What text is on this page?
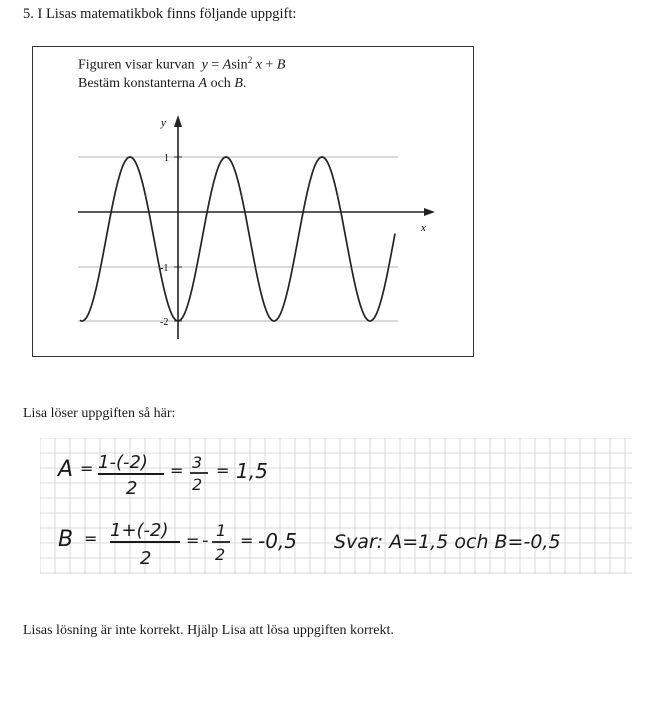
5. I Lisas matematikbok finns följande uppgift:
Figuren visar kurvan y = Asin$^2$ x + B
Bestäm konstanterna A och B.
y
x
1
-1
-2
Lisa löser uppgiften så här:
A = 1-(-2)
2
= 3
2
= 1,5
B = 1+(-2)
2
= - 1
2
= -0,5 Svar: A=1,5 och B=-0,5
Lisas lösning är inte korrekt. Hjälp Lisa att lösa uppgiften korrekt.
